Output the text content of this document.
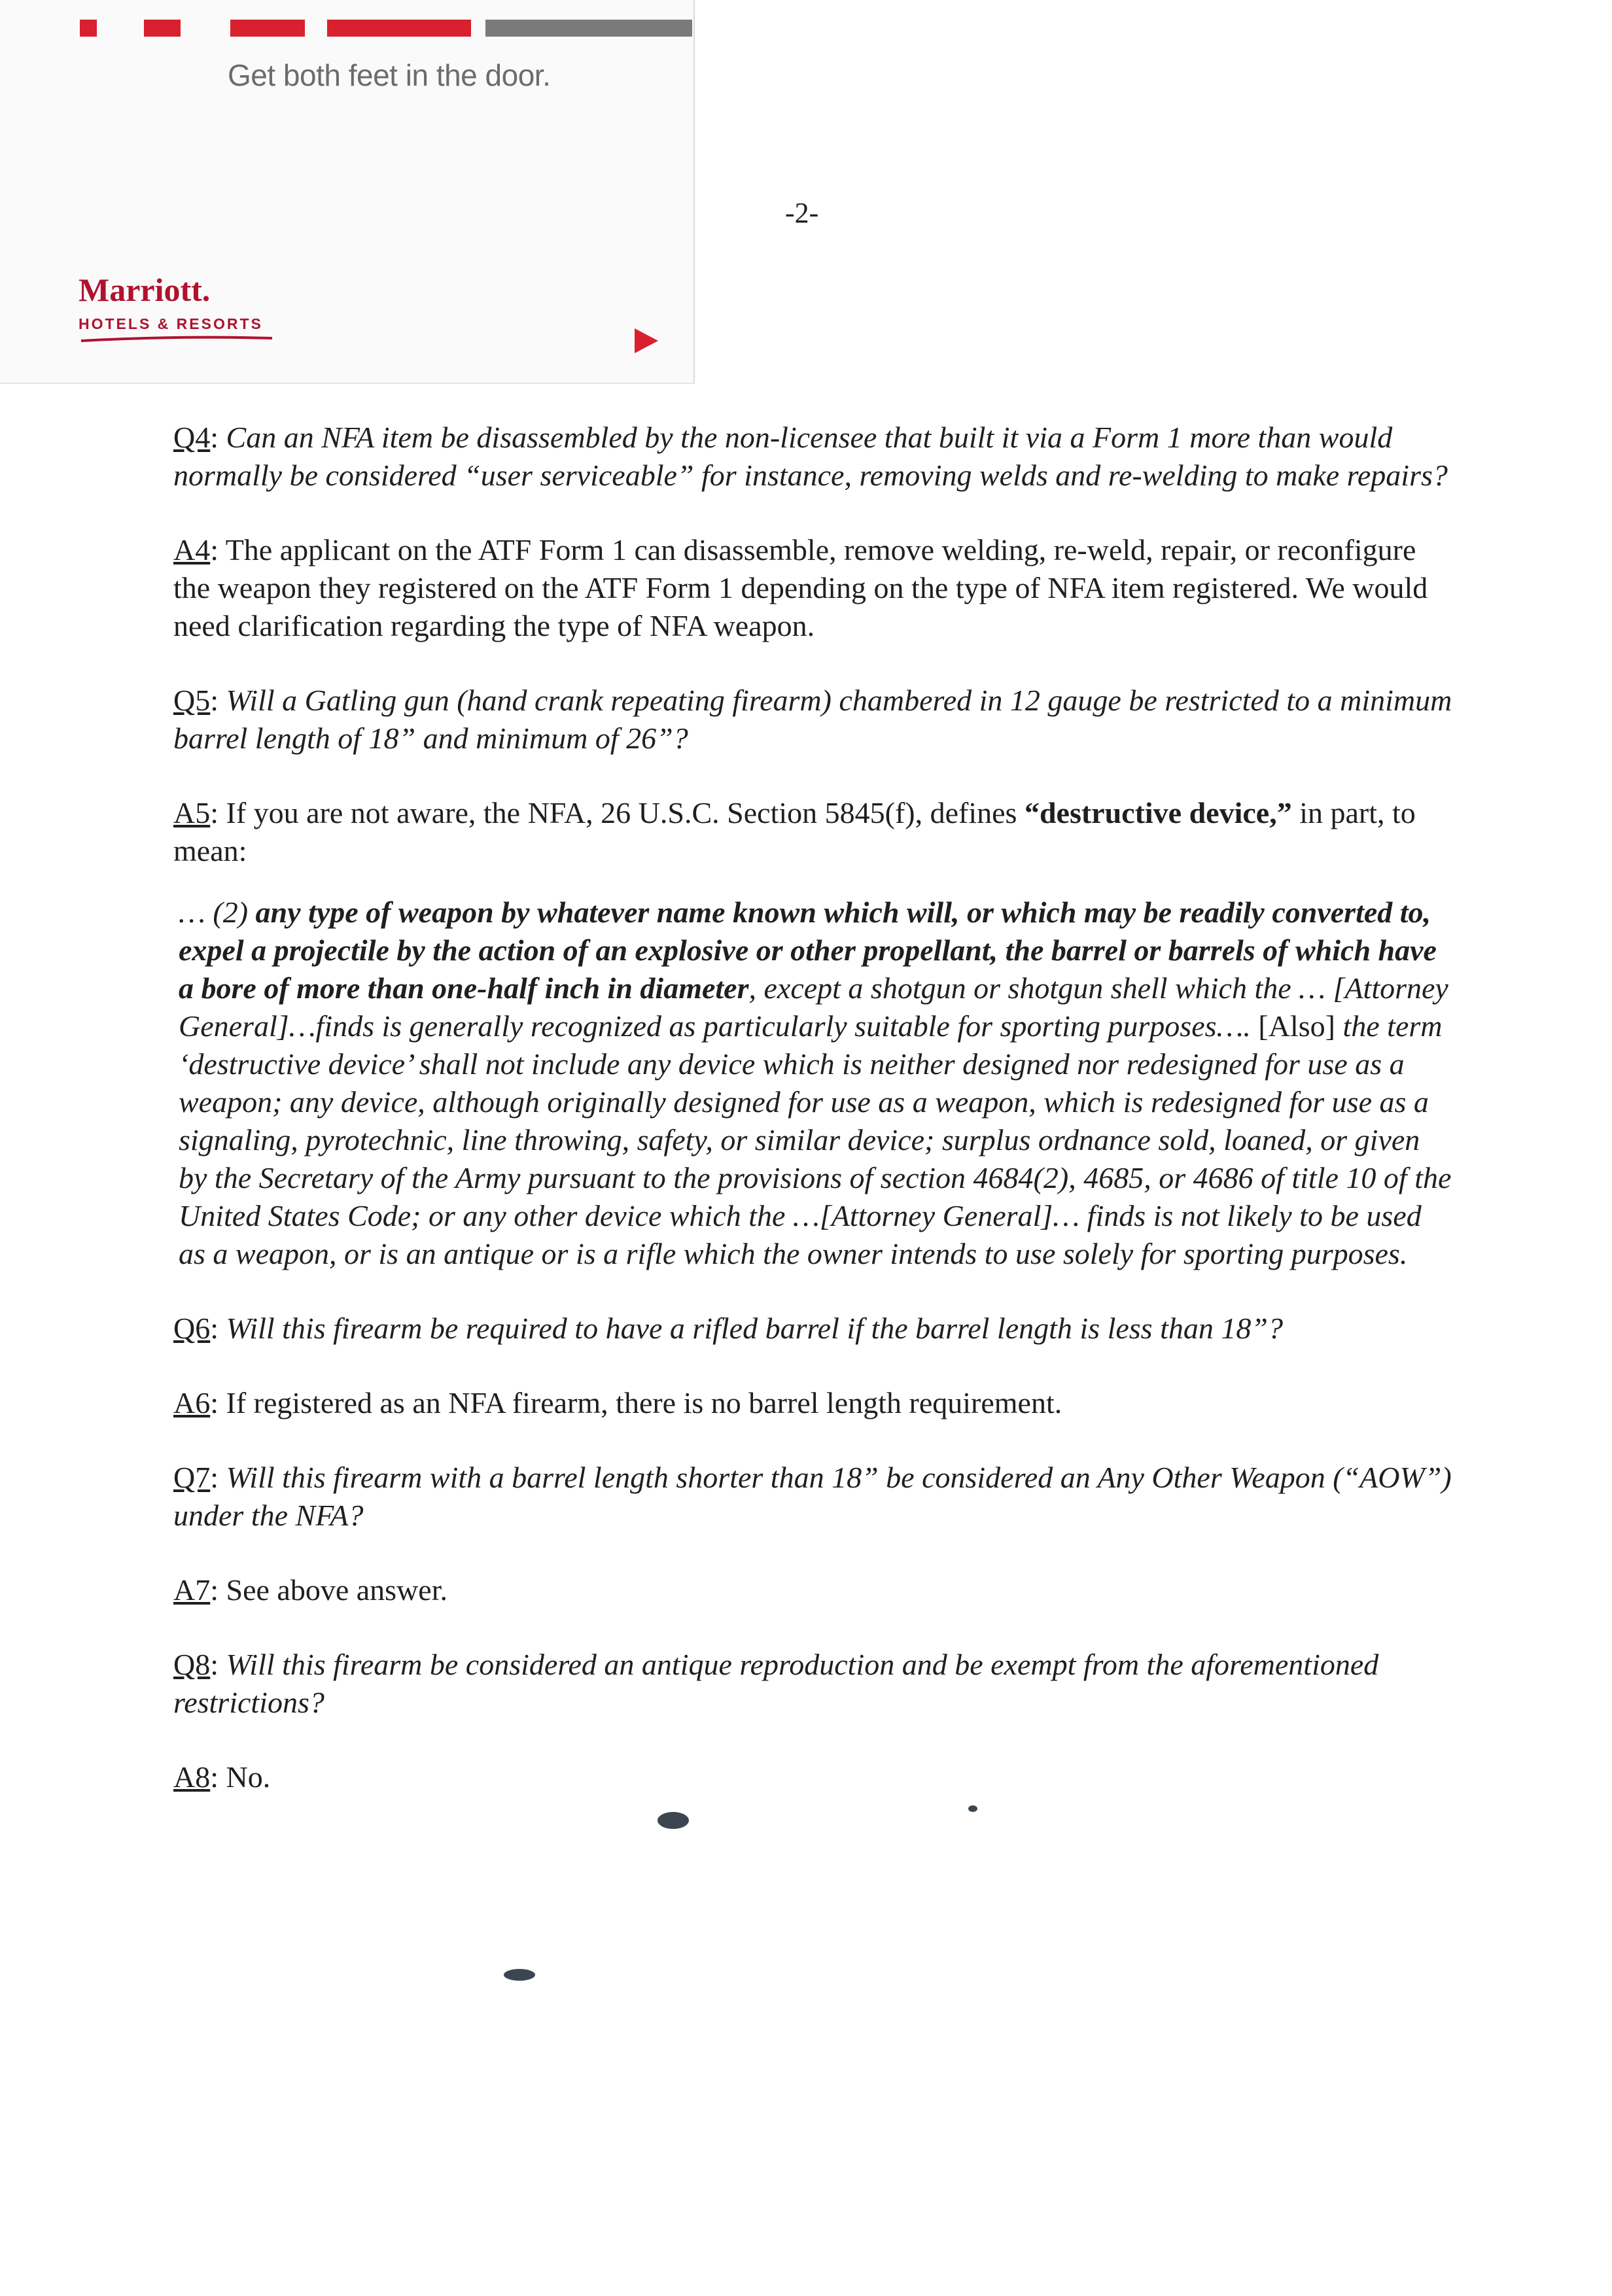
Get both feet in the door.
Marriott.
HOTELS & RESORTS
-2-

Q4: Can an NFA item be disassembled by the non-licensee that built it via a Form 1 more than would normally be considered “user serviceable” for instance, removing welds and re-welding to make repairs?

A4: The applicant on the ATF Form 1 can disassemble, remove welding, re-weld, repair, or reconfigure the weapon they registered on the ATF Form 1 depending on the type of NFA item registered. We would need clarification regarding the type of NFA weapon.

Q5: Will a Gatling gun (hand crank repeating firearm) chambered in 12 gauge be restricted to a minimum barrel length of 18” and minimum of 26”?

A5: If you are not aware, the NFA, 26 U.S.C. Section 5845(f), defines “destructive device,” in part, to mean:

… (2) any type of weapon by whatever name known which will, or which may be readily converted to, expel a projectile by the action of an explosive or other propellant, the barrel or barrels of which have a bore of more than one-half inch in diameter, except a shotgun or shotgun shell which the … [Attorney General]…finds is generally recognized as particularly suitable for sporting purposes…. [Also] the term ‘destructive device’ shall not include any device which is neither designed nor redesigned for use as a weapon; any device, although originally designed for use as a weapon, which is redesigned for use as a signaling, pyrotechnic, line throwing, safety, or similar device; surplus ordnance sold, loaned, or given by the Secretary of the Army pursuant to the provisions of section 4684(2), 4685, or 4686 of title 10 of the United States Code; or any other device which the …[Attorney General]… finds is not likely to be used as a weapon, or is an antique or is a rifle which the owner intends to use solely for sporting purposes.

Q6: Will this firearm be required to have a rifled barrel if the barrel length is less than 18”?

A6: If registered as an NFA firearm, there is no barrel length requirement.

Q7: Will this firearm with a barrel length shorter than 18” be considered an Any Other Weapon (“AOW”) under the NFA?

A7: See above answer.

Q8: Will this firearm be considered an antique reproduction and be exempt from the aforementioned restrictions?

A8: No.
